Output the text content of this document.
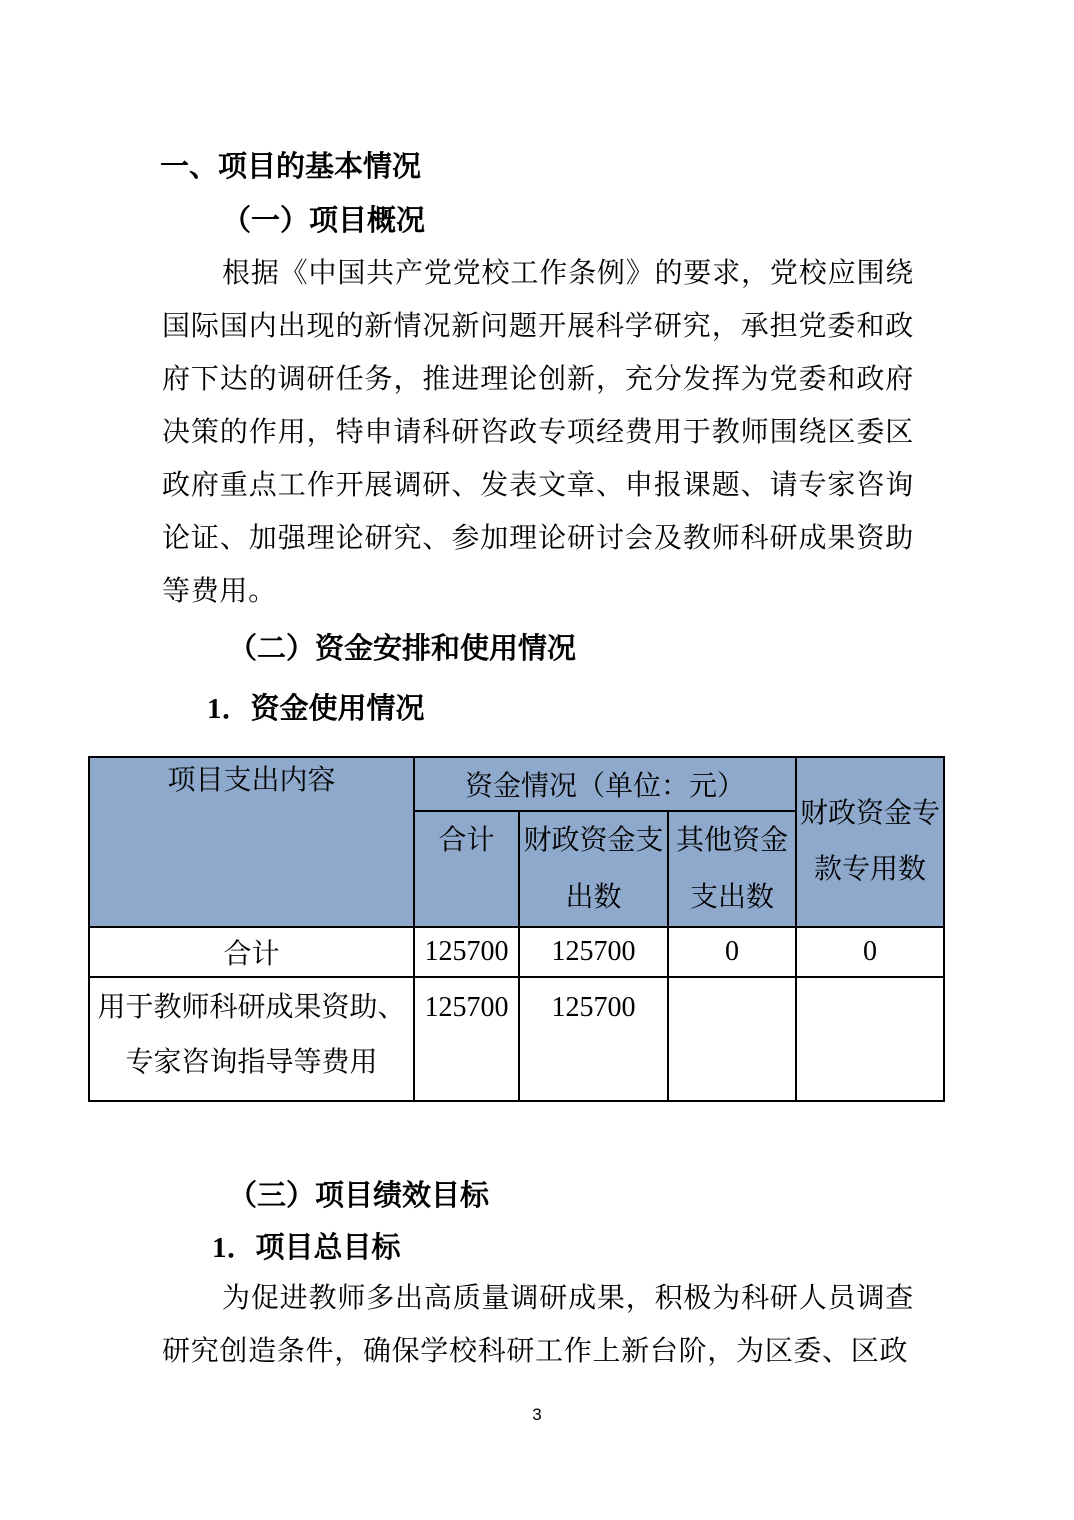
一、项目的基本情况
（一）项目概况
根据《中国共产党党校工作条例》的要求，党校应围绕国际国内出现的新情况新问题开展科学研究，承担党委和政府下达的调研任务，推进理论创新，充分发挥为党委和政府决策的作用，特申请科研咨政专项经费用于教师围绕区委区政府重点工作开展调研、发表文章、申报课题、请专家咨询论证、加强理论研究、参加理论研讨会及教师科研成果资助等费用。
（二）资金安排和使用情况
1．资金使用情况
项目支出内容	资金情况（单位：元）			财政资金专款专用数
	合计	财政资金支出数	其他资金支出数	
合计	125700	125700	0	0
用于教师科研成果资助、专家咨询指导等费用	125700	125700		
（三）项目绩效目标
1．项目总目标
为促进教师多出高质量调研成果，积极为科研人员调查研究创造条件，确保学校科研工作上新台阶，为区委、区政
3
